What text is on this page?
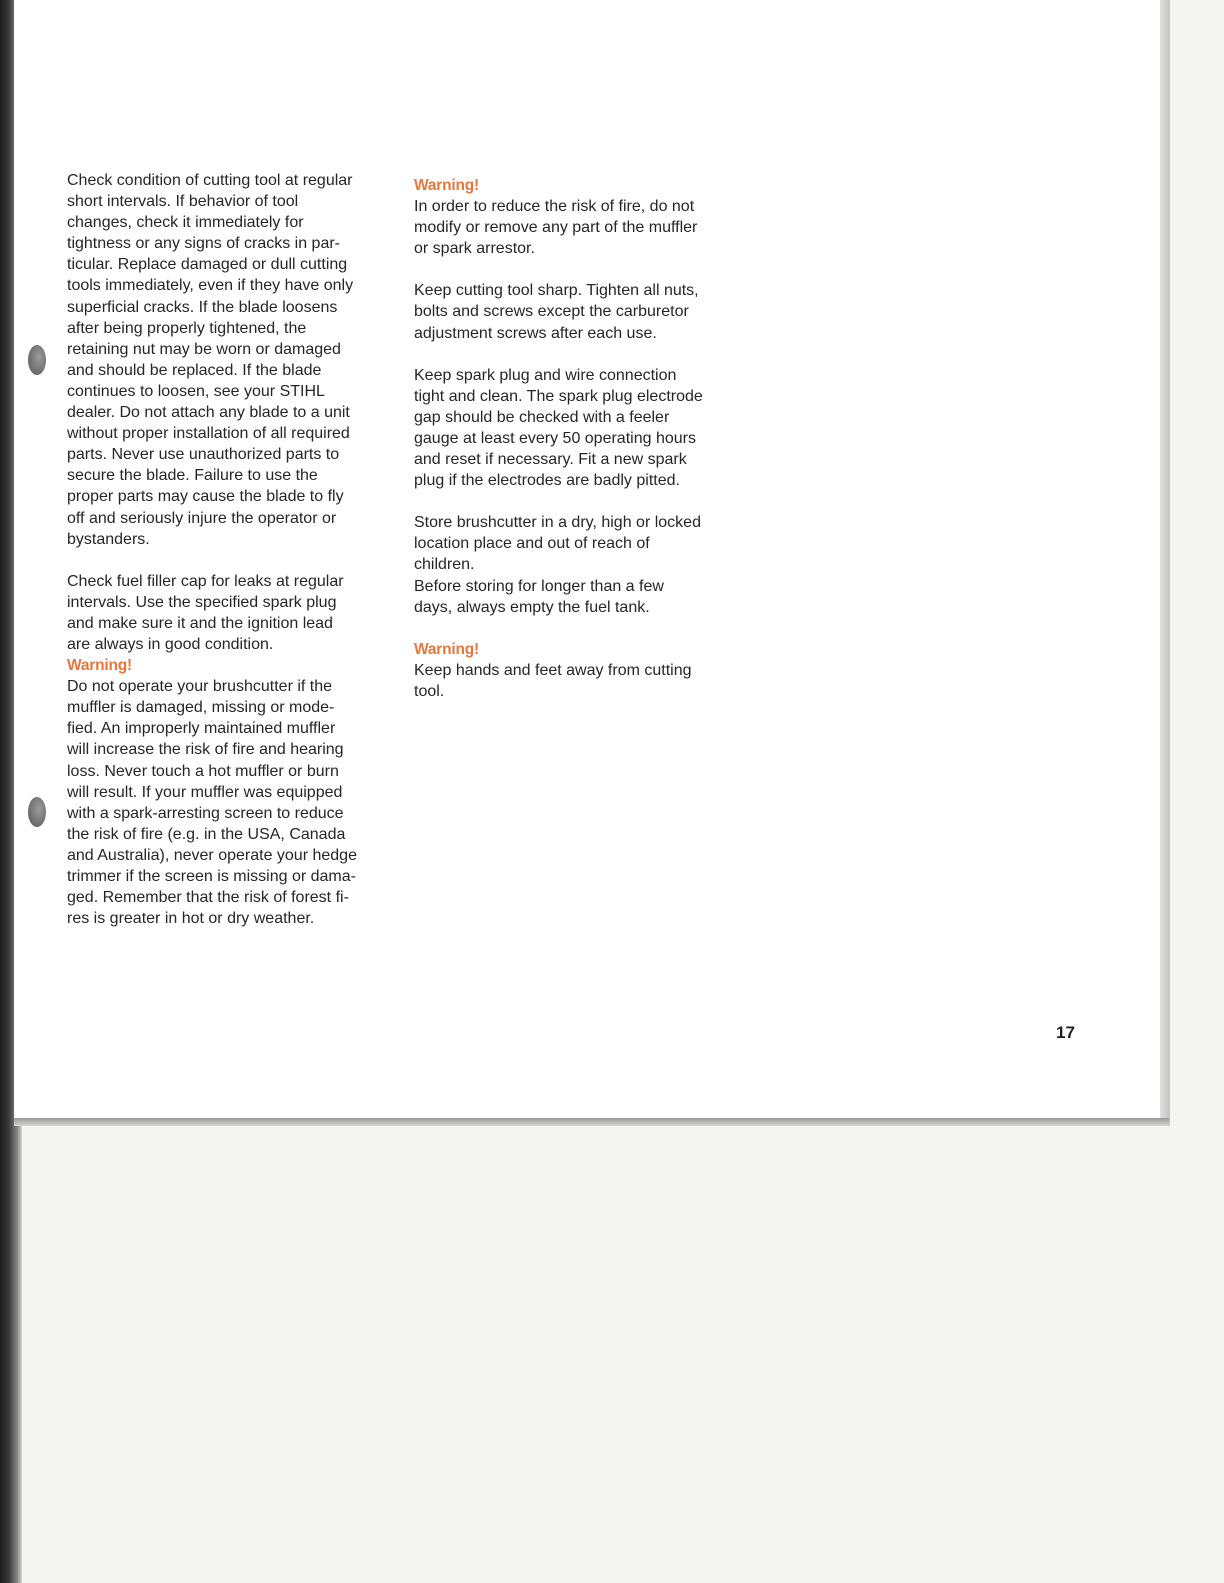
Check condition of cutting tool at regular
short intervals. If behavior of tool
changes, check it immediately for
tightness or any signs of cracks in par-
ticular. Replace damaged or dull cutting
tools immediately, even if they have only
superficial cracks. If the blade loosens
after being properly tightened, the
retaining nut may be worn or damaged
and should be replaced. If the blade
continues to loosen, see your STIHL
dealer. Do not attach any blade to a unit
without proper installation of all required
parts. Never use unauthorized parts to
secure the blade. Failure to use the
proper parts may cause the blade to fly
off and seriously injure the operator or
bystanders.

Check fuel filler cap for leaks at regular
intervals. Use the specified spark plug
and make sure it and the ignition lead
are always in good condition.

Warning!

Do not operate your brushcutter if the
muffler is damaged, missing or mode-
fied. An improperly maintained muffler
will increase the risk of fire and hearing
loss. Never touch a hot muffler or burn
will result. If your muffler was equipped
with a spark-arresting screen to reduce
the risk of fire (e.g. in the USA, Canada
and Australia), never operate your hedge
trimmer if the screen is missing or dama-
ged. Remember that the risk of forest fi-
res is greater in hot or dry weather.

Warning!

In order to reduce the risk of fire, do not
modify or remove any part of the muffler
or spark arrestor.

Keep cutting tool sharp. Tighten all nuts,
bolts and screws except the carburetor
adjustment screws after each use.

Keep spark plug and wire connection
tight and clean. The spark plug electrode
gap should be checked with a feeler
gauge at least every 50 operating hours
and reset if necessary. Fit a new spark
plug if the electrodes are badly pitted.

Store brushcutter in a dry, high or locked
location place and out of reach of
children.
Before storing for longer than a few
days, always empty the fuel tank.

Warning!

Keep hands and feet away from cutting
tool.

17
